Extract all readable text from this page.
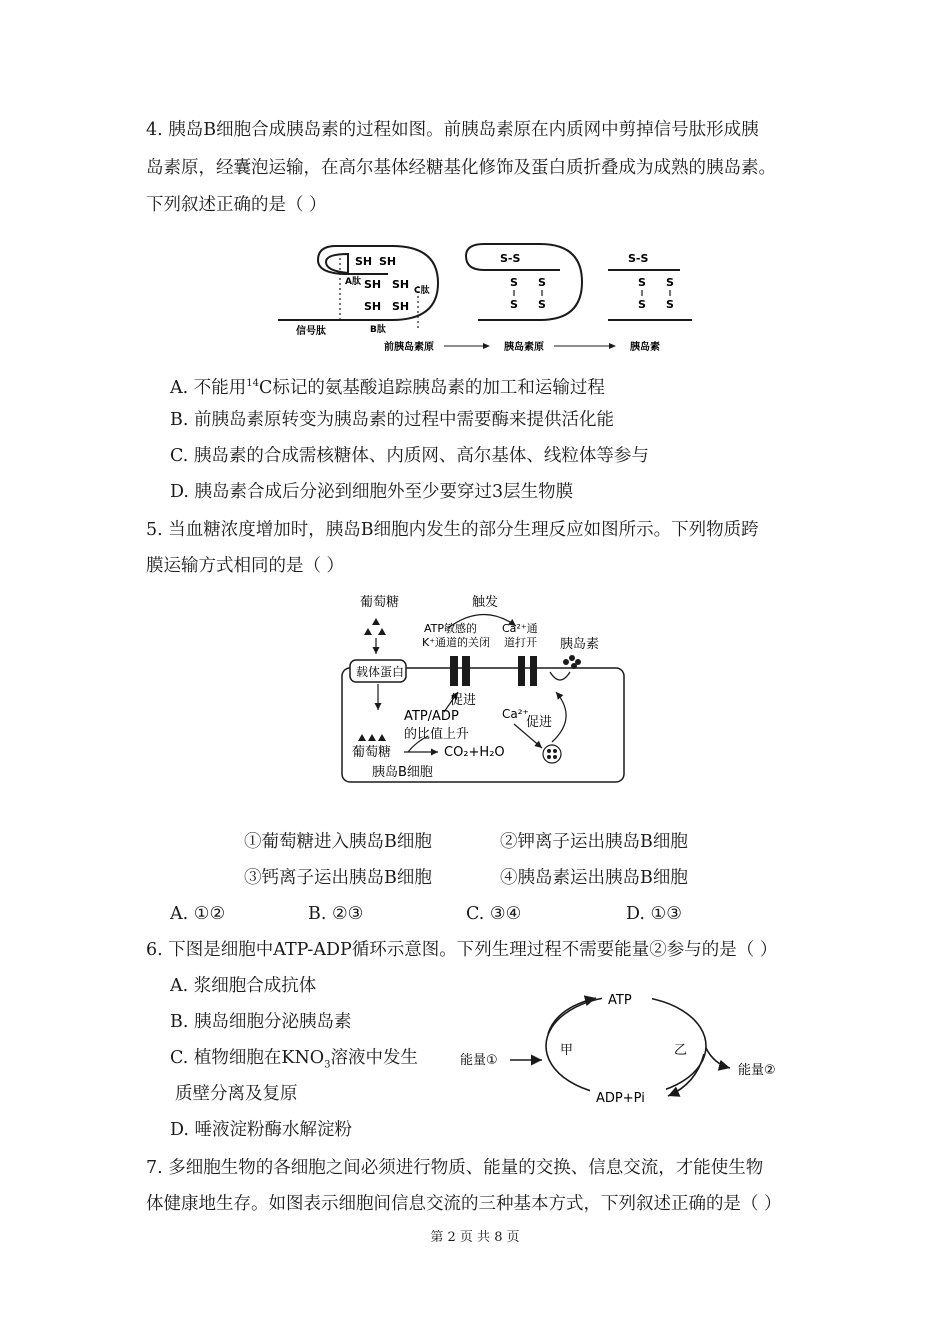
4. 胰岛B细胞合成胰岛素的过程如图。前胰岛素原在内质网中剪掉信号肽形成胰
岛素原，经囊泡运输，在高尔基体经糖基化修饰及蛋白质折叠成为成熟的胰岛素。
下列叙述正确的是（ ）
SH SH
A肽 SH SH C肽
SH SH
信号肽	B肽
S-S
S S
S S
S-S
S S
S S
前胰岛素原	胰岛素原	胰岛素
A. 不能用$^{14}$C标记的氨基酸追踪胰岛素的加工和运输过程
B. 前胰岛素原转变为胰岛素的过程中需要酶来提供活化能
C. 胰岛素的合成需核糖体、内质网、高尔基体、线粒体等参与
D. 胰岛素合成后分泌到细胞外至少要穿过3层生物膜
5. 当血糖浓度增加时，胰岛B细胞内发生的部分生理反应如图所示。下列物质跨
膜运输方式相同的是（ ）
葡萄糖
载体蛋白
触发
ATP敏感的
K⁺通道的关闭
Ca²⁺通
道打开 胰岛素
促进
ATP/ADP
的比值上升
Ca²⁺
促进
葡萄糖	CO₂+H₂O
胰岛B细胞
①葡萄糖进入胰岛B细胞	②钾离子运出胰岛B细胞
③钙离子运出胰岛B细胞	④胰岛素运出胰岛B细胞
A. ①②	B. ②③	C. ③④	D. ①③
6. 下图是细胞中ATP-ADP循环示意图。下列生理过程不需要能量②参与的是（ ）
A. 浆细胞合成抗体
B. 胰岛细胞分泌胰岛素
C. 植物细胞在$KNO_3$溶液中发生
质壁分离及复原
D. 唾液淀粉酶水解淀粉
ATP
ADP+Pi
甲	乙
能量①
能量②
7. 多细胞生物的各细胞之间必须进行物质、能量的交换、信息交流，才能使生物
体健康地生存。如图表示细胞间信息交流的三种基本方式，下列叙述正确的是（ ）
第 2 页 共 8 页
